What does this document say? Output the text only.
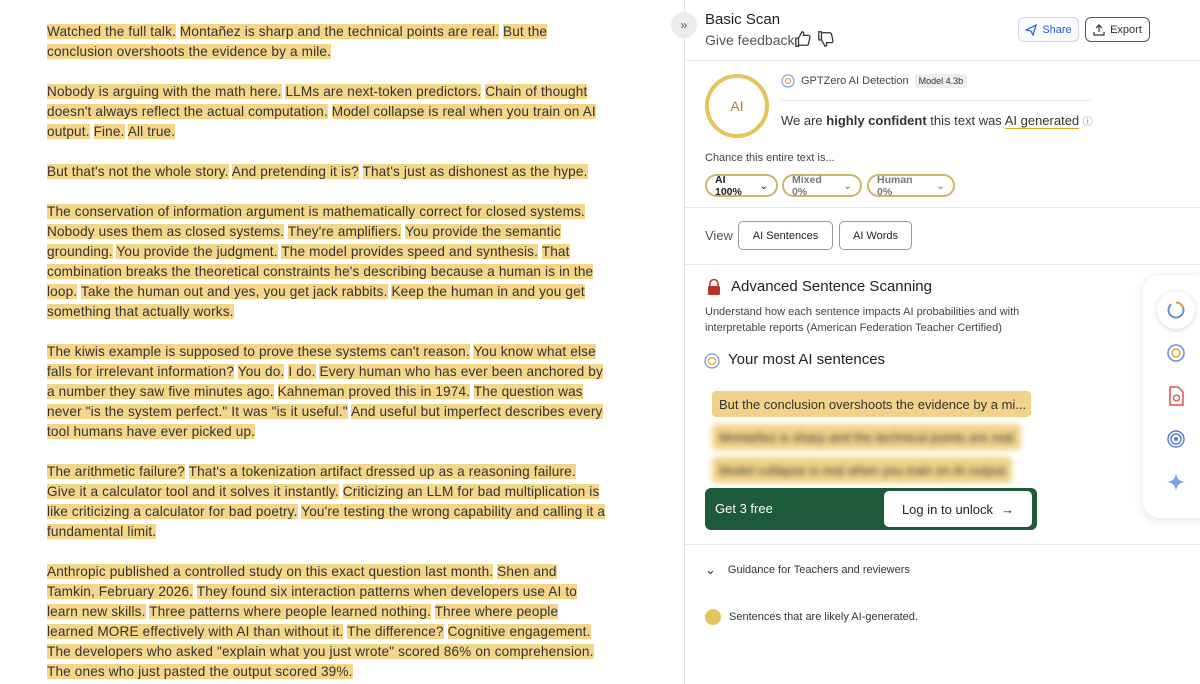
Watched the full talk. Montañez is sharp and the technical points are real. But the conclusion overshoots the evidence by a mile.
Nobody is arguing with the math here. LLMs are next-token predictors. Chain of thought doesn't always reflect the actual computation. Model collapse is real when you train on AI output. Fine. All true.
But that's not the whole story. And pretending it is? That's just as dishonest as the hype.
The conservation of information argument is mathematically correct for closed systems. Nobody uses them as closed systems. They're amplifiers. You provide the semantic grounding. You provide the judgment. The model provides speed and synthesis. That combination breaks the theoretical constraints he's describing because a human is in the loop. Take the human out and yes, you get jack rabbits. Keep the human in and you get something that actually works.
The kiwis example is supposed to prove these systems can't reason. You know what else falls for irrelevant information? You do. I do. Every human who has ever been anchored by a number they saw five minutes ago. Kahneman proved this in 1974. The question was never "is the system perfect." It was "is it useful." And useful but imperfect describes every tool humans have ever picked up.
The arithmetic failure? That's a tokenization artifact dressed up as a reasoning failure. Give it a calculator tool and it solves it instantly. Criticizing an LLM for bad multiplication is like criticizing a calculator for bad poetry. You're testing the wrong capability and calling it a fundamental limit.
Anthropic published a controlled study on this exact question last month. Shen and Tamkin, February 2026. They found six interaction patterns when developers use AI to learn new skills. Three patterns where people learned nothing. Three where people learned MORE effectively with AI than without it. The difference? Cognitive engagement. The developers who asked "explain what you just wrote" scored 86% on comprehension. The ones who just pasted the output scored 39%.
» Basic Scan
Give feedback
Share	Export
AI
GPTZero AI Detection	Model 4.3b
We are highly confident this text was AI generated ⓘ
Chance this entire text is...
AI 100%	⌄ Mixed 0%	⌄ Human 0%	⌄
View	AI Sentences	AI Words
Advanced Sentence Scanning
Understand how each sentence impacts AI probabilities and with interpretable reports (American Federation Teacher Certified)
Your most AI sentences
But the conclusion overshoots the evidence by a mi...
Montañez is sharp and the technical points are real.
Model collapse is real when you train on AI output.
Get 3 free	Log in to unlock →
⌄ Guidance for Teachers and reviewers
Sentences that are likely AI-generated.
